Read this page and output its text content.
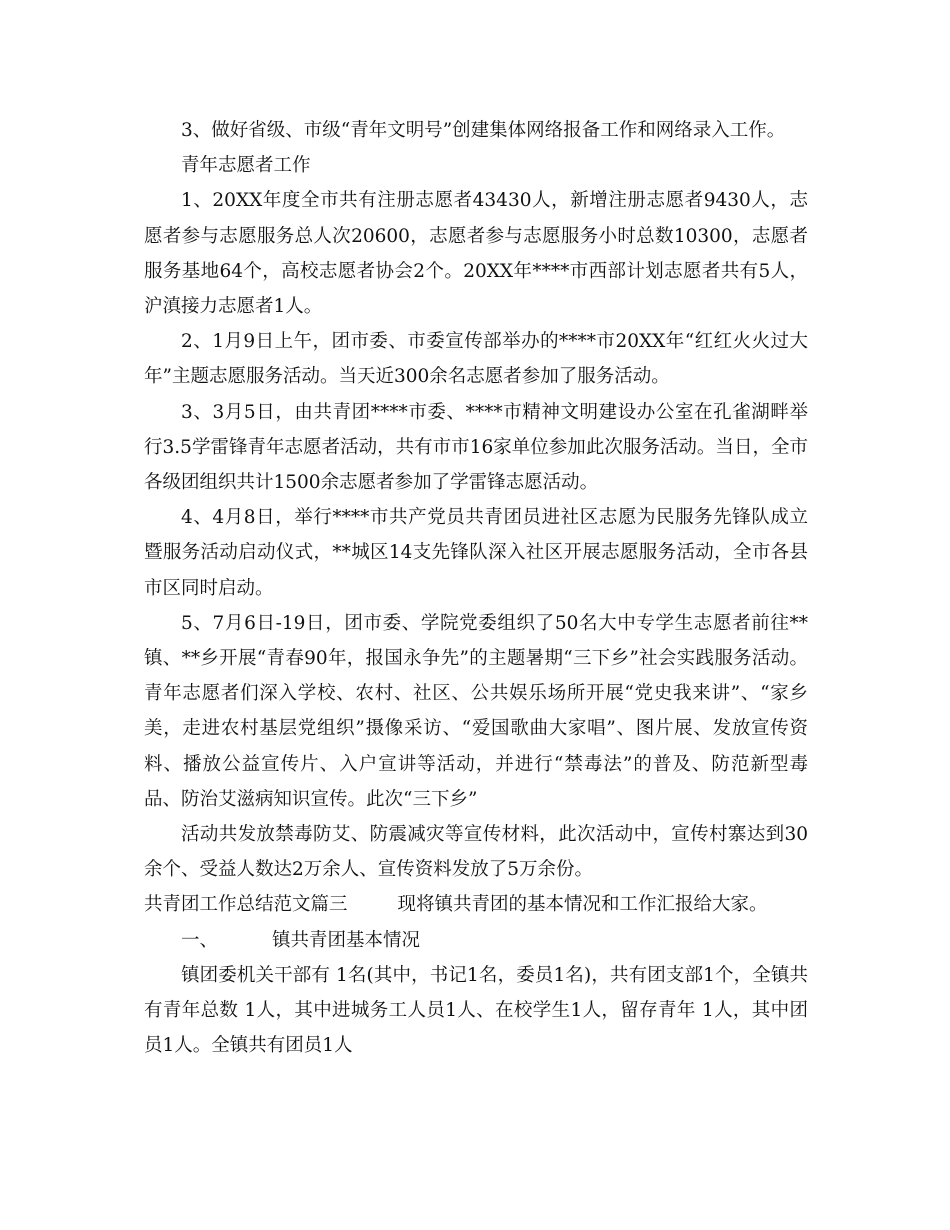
3、做好省级、市级“青年文明号”创建集体网络报备工作和网络录入工作。

青年志愿者工作

1、20XX年度全市共有注册志愿者43430人，新增注册志愿者9430人，志愿者参与志愿服务总人次20600，志愿者参与志愿服务小时总数10300，志愿者服务基地64个，高校志愿者协会2个。20XX年****市西部计划志愿者共有5人，沪滇接力志愿者1人。

2、1月9日上午，团市委、市委宣传部举办的****市20XX年“红红火火过大年”主题志愿服务活动。当天近300余名志愿者参加了服务活动。

3、3月5日，由共青团****市委、****市精神文明建设办公室在孔雀湖畔举行3.5学雷锋青年志愿者活动，共有市市16家单位参加此次服务活动。当日，全市各级团组织共计1500余志愿者参加了学雷锋志愿活动。

4、4月8日，举行****市共产党员共青团员进社区志愿为民服务先锋队成立暨服务活动启动仪式，**城区14支先锋队深入社区开展志愿服务活动，全市各县市区同时启动。

5、7月6日-19日，团市委、学院党委组织了50名大中专学生志愿者前往**镇、**乡开展“青春90年，报国永争先”的主题暑期“三下乡”社会实践服务活动。青年志愿者们深入学校、农村、社区、公共娱乐场所开展“党史我来讲”、“家乡美，走进农村基层党组织”摄像采访、“爱国歌曲大家唱”、图片展、发放宣传资料、播放公益宣传片、入户宣讲等活动，并进行“禁毒法”的普及、防范新型毒品、防治艾滋病知识宣传。此次“三下乡”

活动共发放禁毒防艾、防震减灾等宣传材料，此次活动中，宣传村寨达到30余个、受益人数达2万余人、宣传资料发放了5万余份。

共青团工作总结范文篇三	现将镇共青团的基本情况和工作汇报给大家。

一、	镇共青团基本情况

镇团委机关干部有 1名(其中，书记1名，委员1名)，共有团支部1个，全镇共有青年总数 1人，其中进城务工人员1人、在校学生1人，留存青年 1人，其中团员1人。全镇共有团员1人
